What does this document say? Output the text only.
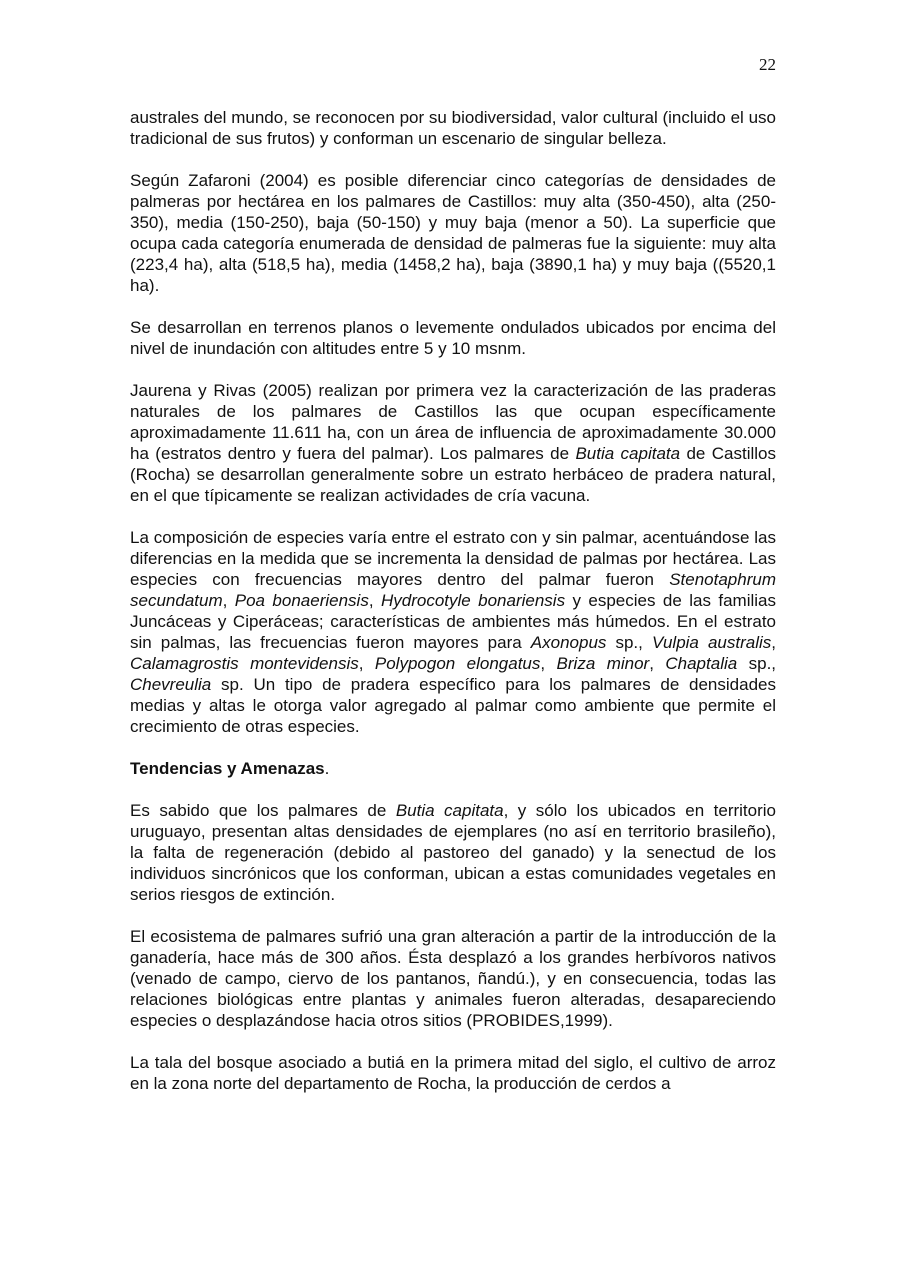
22

australes del mundo, se reconocen por su biodiversidad, valor cultural (incluido el uso tradicional de sus frutos) y conforman un escenario de singular belleza.

Según Zafaroni (2004) es posible diferenciar cinco categorías de densidades de palmeras por hectárea en los palmares de Castillos: muy alta (350-450), alta (250-350), media (150-250), baja (50-150) y muy baja (menor a 50). La superficie que ocupa cada categoría enumerada de densidad de palmeras fue la siguiente: muy alta (223,4 ha), alta (518,5 ha), media (1458,2 ha), baja (3890,1 ha) y muy baja ((5520,1 ha).

Se desarrollan en terrenos planos o levemente ondulados ubicados por encima del nivel de inundación con altitudes entre 5 y 10 msnm.

Jaurena y Rivas (2005) realizan por primera vez la caracterización de las praderas naturales de los palmares de Castillos las que ocupan específicamente aproximadamente 11.611 ha, con un área de influencia de aproximadamente 30.000 ha (estratos dentro y fuera del palmar). Los palmares de Butia capitata de Castillos (Rocha) se desarrollan generalmente sobre un estrato herbáceo de pradera natural, en el que típicamente se realizan actividades de cría vacuna.

La composición de especies varía entre el estrato con y sin palmar, acentuándose las diferencias en la medida que se incrementa la densidad de palmas por hectárea. Las especies con frecuencias mayores dentro del palmar fueron Stenotaphrum secundatum, Poa bonaeriensis, Hydrocotyle bonariensis y especies de las familias Juncáceas y Ciperáceas; características de ambientes más húmedos. En el estrato sin palmas, las frecuencias fueron mayores para Axonopus sp., Vulpia australis, Calamagrostis montevidensis, Polypogon elongatus, Briza minor, Chaptalia sp., Chevreulia sp. Un tipo de pradera específico para los palmares de densidades medias y altas le otorga valor agregado al palmar como ambiente que permite el crecimiento de otras especies.

Tendencias y Amenazas.

Es sabido que los palmares de Butia capitata, y sólo los ubicados en territorio uruguayo, presentan altas densidades de ejemplares (no así en territorio brasileño), la falta de regeneración (debido al pastoreo del ganado) y la senectud de los individuos sincrónicos que los conforman, ubican a estas comunidades vegetales en serios riesgos de extinción.

El ecosistema de palmares sufrió una gran alteración a partir de la introducción de la ganadería, hace más de 300 años. Ésta desplazó a los grandes herbívoros nativos (venado de campo, ciervo de los pantanos, ñandú.), y en consecuencia, todas las relaciones biológicas entre plantas y animales fueron alteradas, desapareciendo especies o desplazándose hacia otros sitios (PROBIDES,1999).

La tala del bosque asociado a butiá en la primera mitad del siglo, el cultivo de arroz en la zona norte del departamento de Rocha, la producción de cerdos a
